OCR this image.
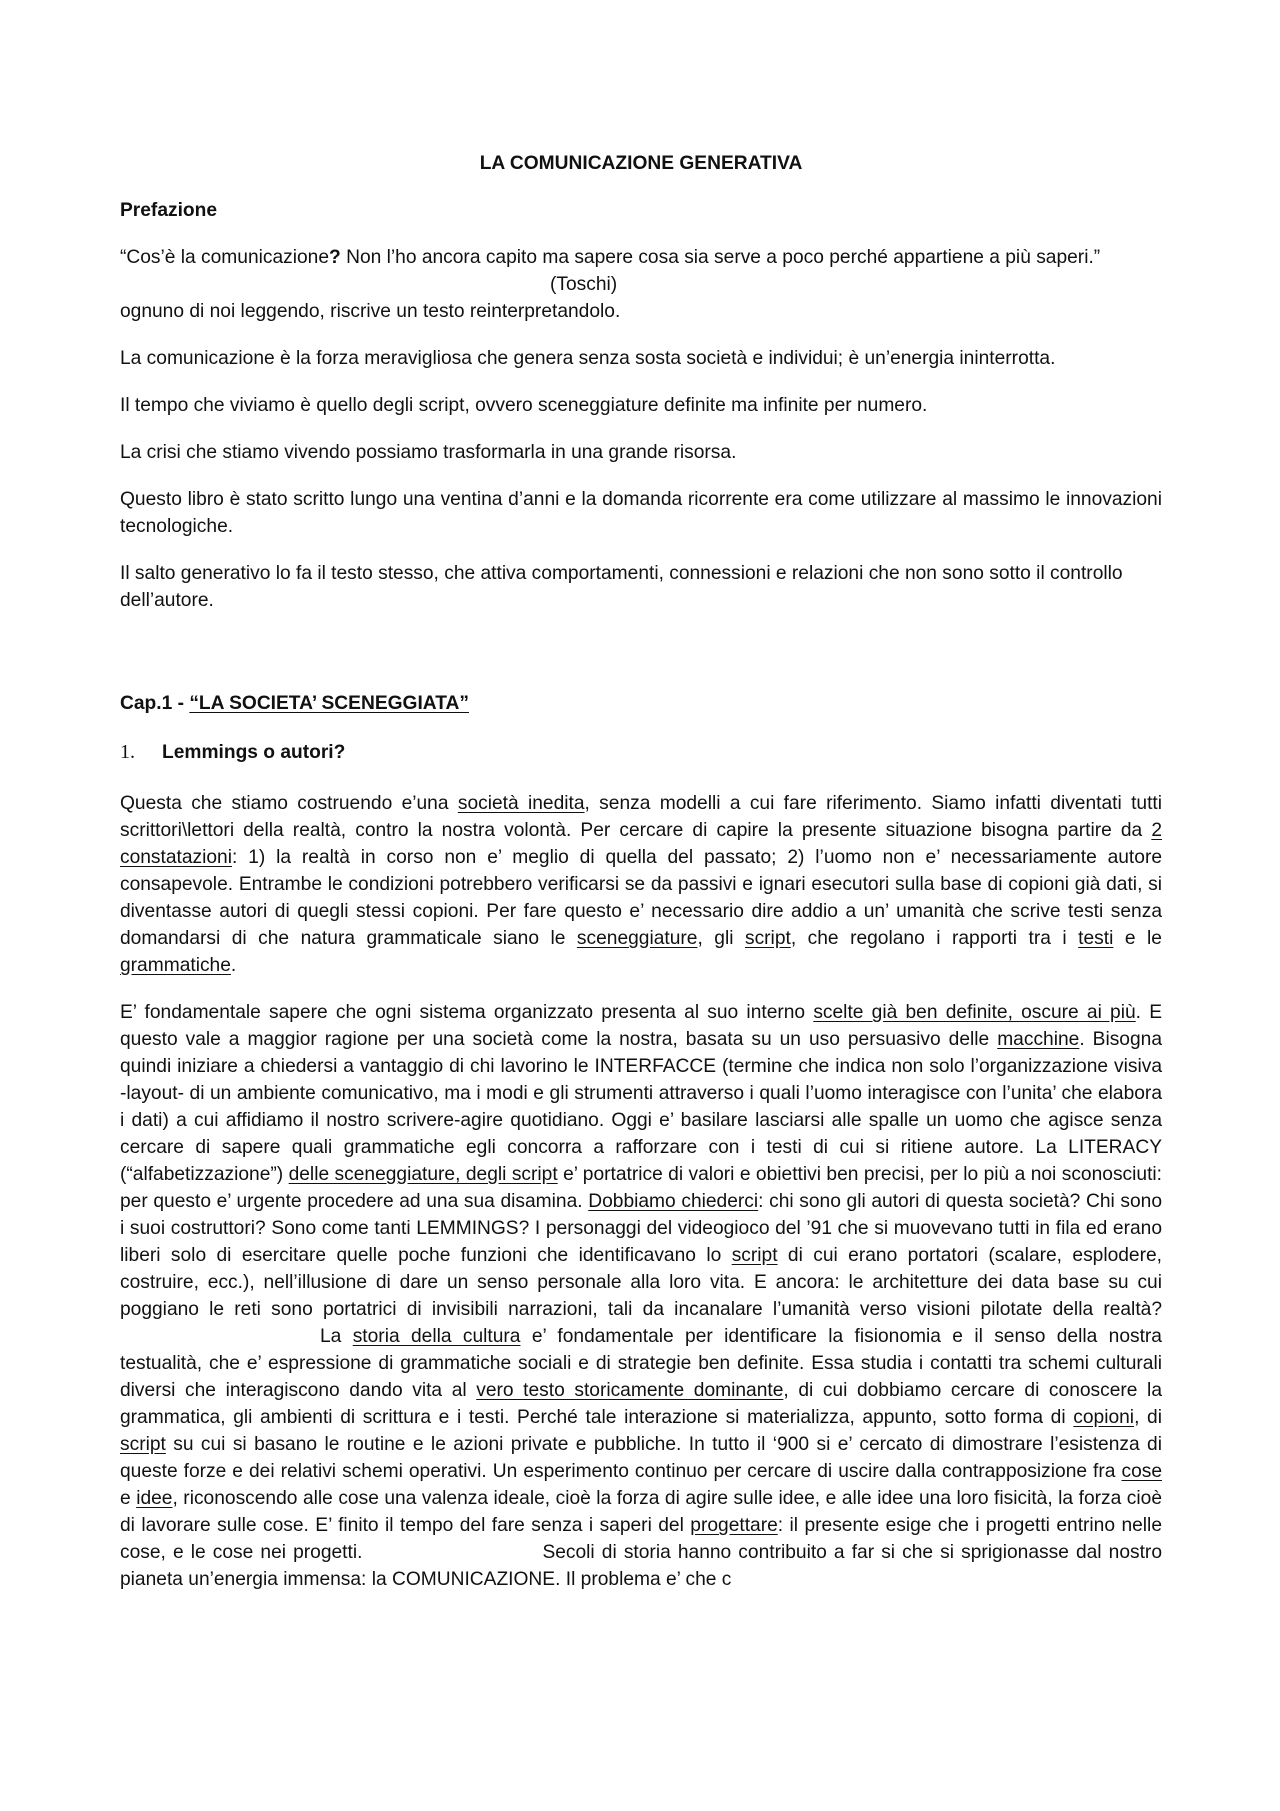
LA COMUNICAZIONE GENERATIVA
Prefazione

“Cos’è la comunicazione? Non l’ho ancora capito ma sapere cosa sia serve a poco perché appartiene a più saperi.”(Toschi)

ognuno di noi leggendo, riscrive un testo reinterpretandolo.

La comunicazione è la forza meravigliosa che genera senza sosta società e individui; è un’energia ininterrotta.

Il tempo che viviamo è quello degli script, ovvero sceneggiature definite ma infinite per numero.

La crisi che stiamo vivendo possiamo trasformarla in una grande risorsa.

Questo libro è stato scritto lungo una ventina d’anni e la domanda ricorrente era come utilizzare al massimo le innovazioni tecnologiche.

Il salto generativo lo fa il testo stesso, che attiva comportamenti, connessioni e relazioni che non sono sotto il controllo dell’autore.

Cap.1 - “LA SOCIETA’ SCENEGGIATA”
1. Lemmings o autori?

Questa che stiamo costruendo e’una società inedita, senza modelli a cui fare riferimento. Siamo infatti diventati tutti scrittori\lettori della realtà, contro la nostra volontà. Per cercare di capire la presente situazione bisogna partire da 2 constatazioni: 1) la realtà in corso non e’ meglio di quella del passato; 2) l’uomo non e’ necessariamente autore consapevole. Entrambe le condizioni potrebbero verificarsi se da passivi e ignari esecutori sulla base di copioni già dati, si diventasse autori di quegli stessi copioni. Per fare questo e’ necessario dire addio a un’ umanità che scrive testi senza domandarsi di che natura grammaticale siano le sceneggiature, gli script, che regolano i rapporti tra i testi e le grammatiche.

E’ fondamentale sapere che ogni sistema organizzato presenta al suo interno scelte già ben definite, oscure ai più. E questo vale a maggior ragione per una società come la nostra, basata su un uso persuasivo delle macchine. Bisogna quindi iniziare a chiedersi a vantaggio di chi lavorino le INTERFACCE (termine che indica non solo l’organizzazione visiva -layout- di un ambiente comunicativo, ma i modi e gli strumenti attraverso i quali l’uomo interagisce con l’unita’ che elabora i dati) a cui affidiamo il nostro scrivere-agire quotidiano. Oggi e’ basilare lasciarsi alle spalle un uomo che agisce senza cercare di sapere quali grammatiche egli concorra a rafforzare con i testi di cui si ritiene autore. La LITERACY (“alfabetizzazione”) delle sceneggiature, degli script e’ portatrice di valori e obiettivi ben precisi, per lo più a noi sconosciuti: per questo e’ urgente procedere ad una sua disamina. Dobbiamo chiederci: chi sono gli autori di questa società? Chi sono i suoi costruttori? Sono come tanti LEMMINGS? I personaggi del videogioco del ’91 che si muovevano tutti in fila ed erano liberi solo di esercitare quelle poche funzioni che identificavano lo script di cui erano portatori (scalare, esplodere, costruire, ecc.), nell’illusione di dare un senso personale alla loro vita. E ancora: le architetture dei data base su cui poggiano le reti sono portatrici di invisibili narrazioni, tali da incanalare l’umanità verso visioni pilotate della realtà?La storia della cultura e’ fondamentale per identificare la fisionomia e il senso della nostra testualità, che e’ espressione di grammatiche sociali e di strategie ben definite. Essa studia i contatti tra schemi culturali diversi che interagiscono dando vita al vero testo storicamente dominante, di cui dobbiamo cercare di conoscere la grammatica, gli ambienti di scrittura e i testi. Perché tale interazione si materializza, appunto, sotto forma di copioni, di script su cui si basano le routine e le azioni private e pubbliche. In tutto il ‘900 si e’ cercato di dimostrare l’esistenza di queste forze e dei relativi schemi operativi. Un esperimento continuo per cercare di uscire dalla contrapposizione fra cose e idee, riconoscendo alle cose una valenza ideale, cioè la forza di agire sulle idee, e alle idee una loro fisicità, la forza cioè di lavorare sulle cose. E’ finito il tempo del fare senza i saperi del progettare: il presente esige che i progetti entrino nelle cose, e le cose nei progetti.	Secoli di storia hanno contribuito a far si che si sprigionasse dal nostro pianeta un’energia immensa: la COMUNICAZIONE. Il problema e’ che c
